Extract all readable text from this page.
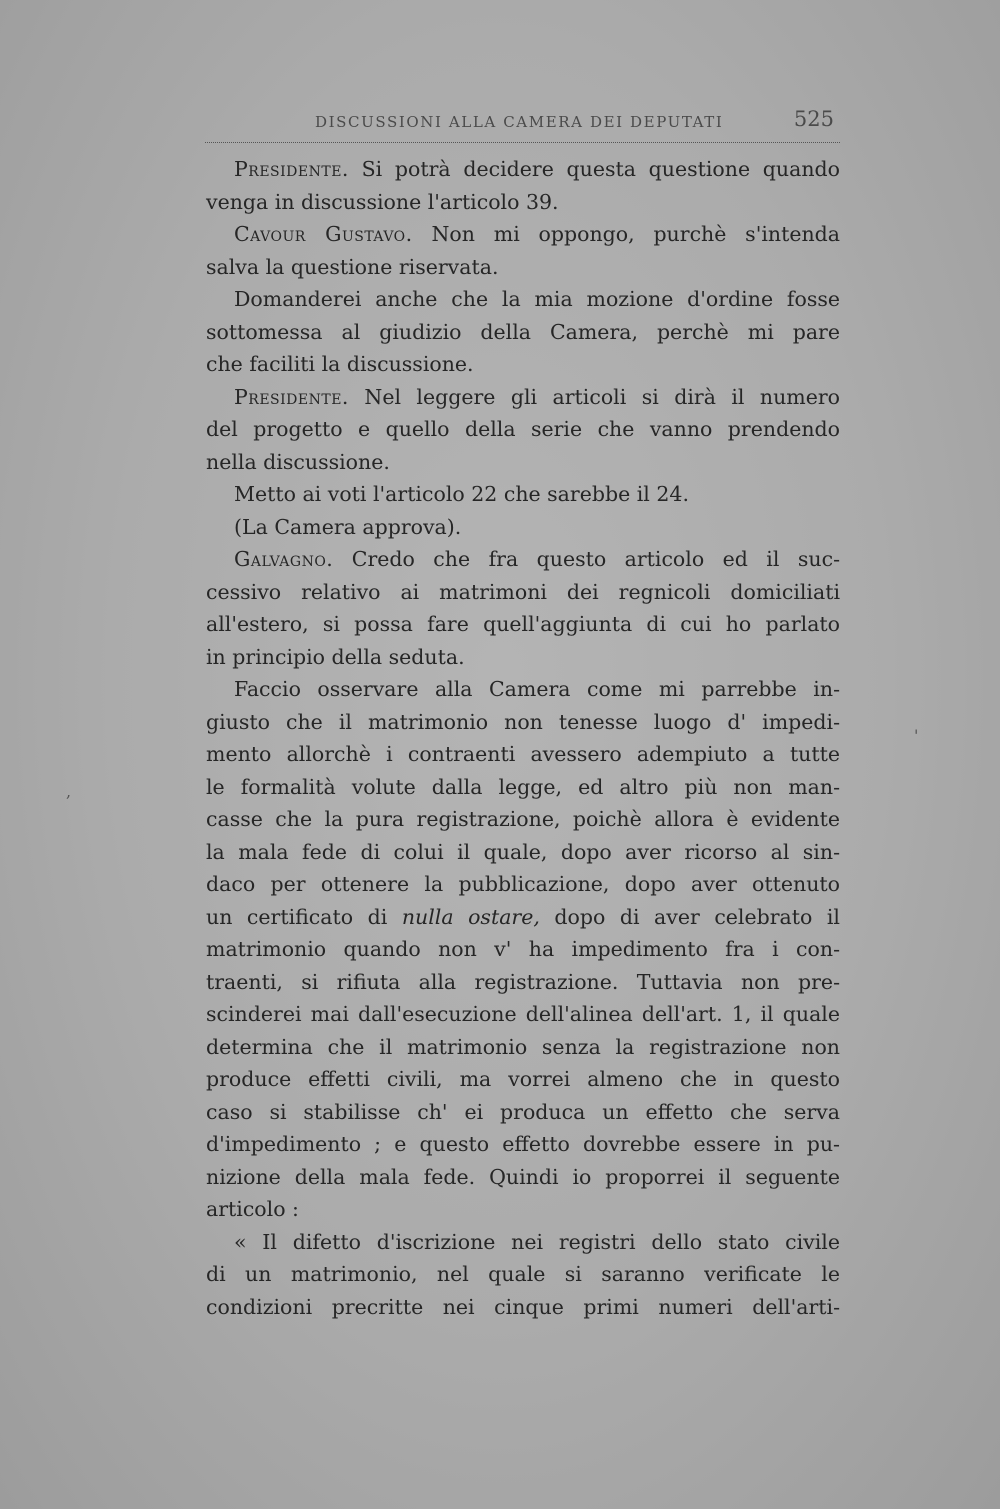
DISCUSSIONI ALLA CAMERA DEI DEPUTATI	525
Presidente. Si potrà decidere questa questione quando
venga in discussione l'articolo 39.
Cavour Gustavo. Non mi oppongo, purchè s'intenda
salva la questione riservata.
Domanderei anche che la mia mozione d'ordine fosse
sottomessa al giudizio della Camera, perchè mi pare
che faciliti la discussione.
Presidente. Nel leggere gli articoli si dirà il numero
del progetto e quello della serie che vanno prendendo
nella discussione.
Metto ai voti l'articolo 22 che sarebbe il 24.
(La Camera approva).
Galvagno. Credo che fra questo articolo ed il suc-
cessivo relativo ai matrimoni dei regnicoli domiciliati
all'estero, si possa fare quell'aggiunta di cui ho parlato
in principio della seduta.
Faccio osservare alla Camera come mi parrebbe in-
giusto che il matrimonio non tenesse luogo d' impedi-
mento allorchè i contraenti avessero adempiuto a tutte
le formalità volute dalla legge, ed altro più non man-
casse che la pura registrazione, poichè allora è evidente
la mala fede di colui il quale, dopo aver ricorso al sin-
daco per ottenere la pubblicazione, dopo aver ottenuto
un certificato di nulla ostare, dopo di aver celebrato il
matrimonio quando non v' ha impedimento fra i con-
traenti, si rifiuta alla registrazione. Tuttavia non pre-
scinderei mai dall'esecuzione dell'alinea dell'art. 1, il quale
determina che il matrimonio senza la registrazione non
produce effetti civili, ma vorrei almeno che in questo
caso si stabilisse ch' ei produca un effetto che serva
d'impedimento ; e questo effetto dovrebbe essere in pu-
nizione della mala fede. Quindi io proporrei il seguente
articolo :
« Il difetto d'iscrizione nei registri dello stato civile
di un matrimonio, nel quale si saranno verificate le
condizioni precritte nei cinque primi numeri dell'arti-
'
,
